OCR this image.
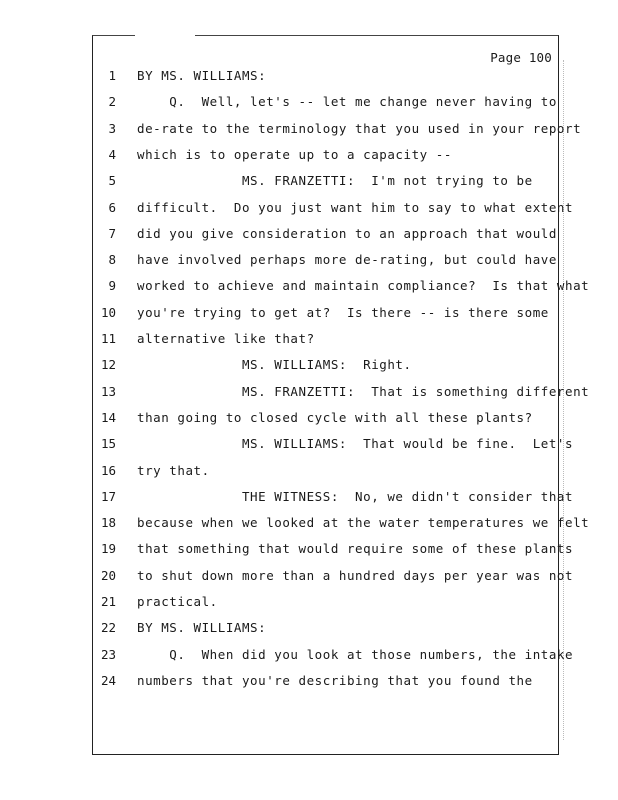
Page 100
1 BY MS. WILLIAMS:
2 Q.  Well, let's -- let me change never having to
3 de-rate to the terminology that you used in your report
4 which is to operate up to a capacity --
5 MS. FRANZETTI:  I'm not trying to be
6 difficult.  Do you just want him to say to what extent
7 did you give consideration to an approach that would
8 have involved perhaps more de-rating, but could have
9 worked to achieve and maintain compliance?  Is that what
10 you're trying to get at?  Is there -- is there some
11 alternative like that?
12 MS. WILLIAMS:  Right.
13 MS. FRANZETTI:  That is something different
14 than going to closed cycle with all these plants?
15 MS. WILLIAMS:  That would be fine.  Let's
16 try that.
17 THE WITNESS:  No, we didn't consider that
18 because when we looked at the water temperatures we felt
19 that something that would require some of these plants
20 to shut down more than a hundred days per year was not
21 practical.
22 BY MS. WILLIAMS:
23 Q.  When did you look at those numbers, the intake
24 numbers that you're describing that you found the
